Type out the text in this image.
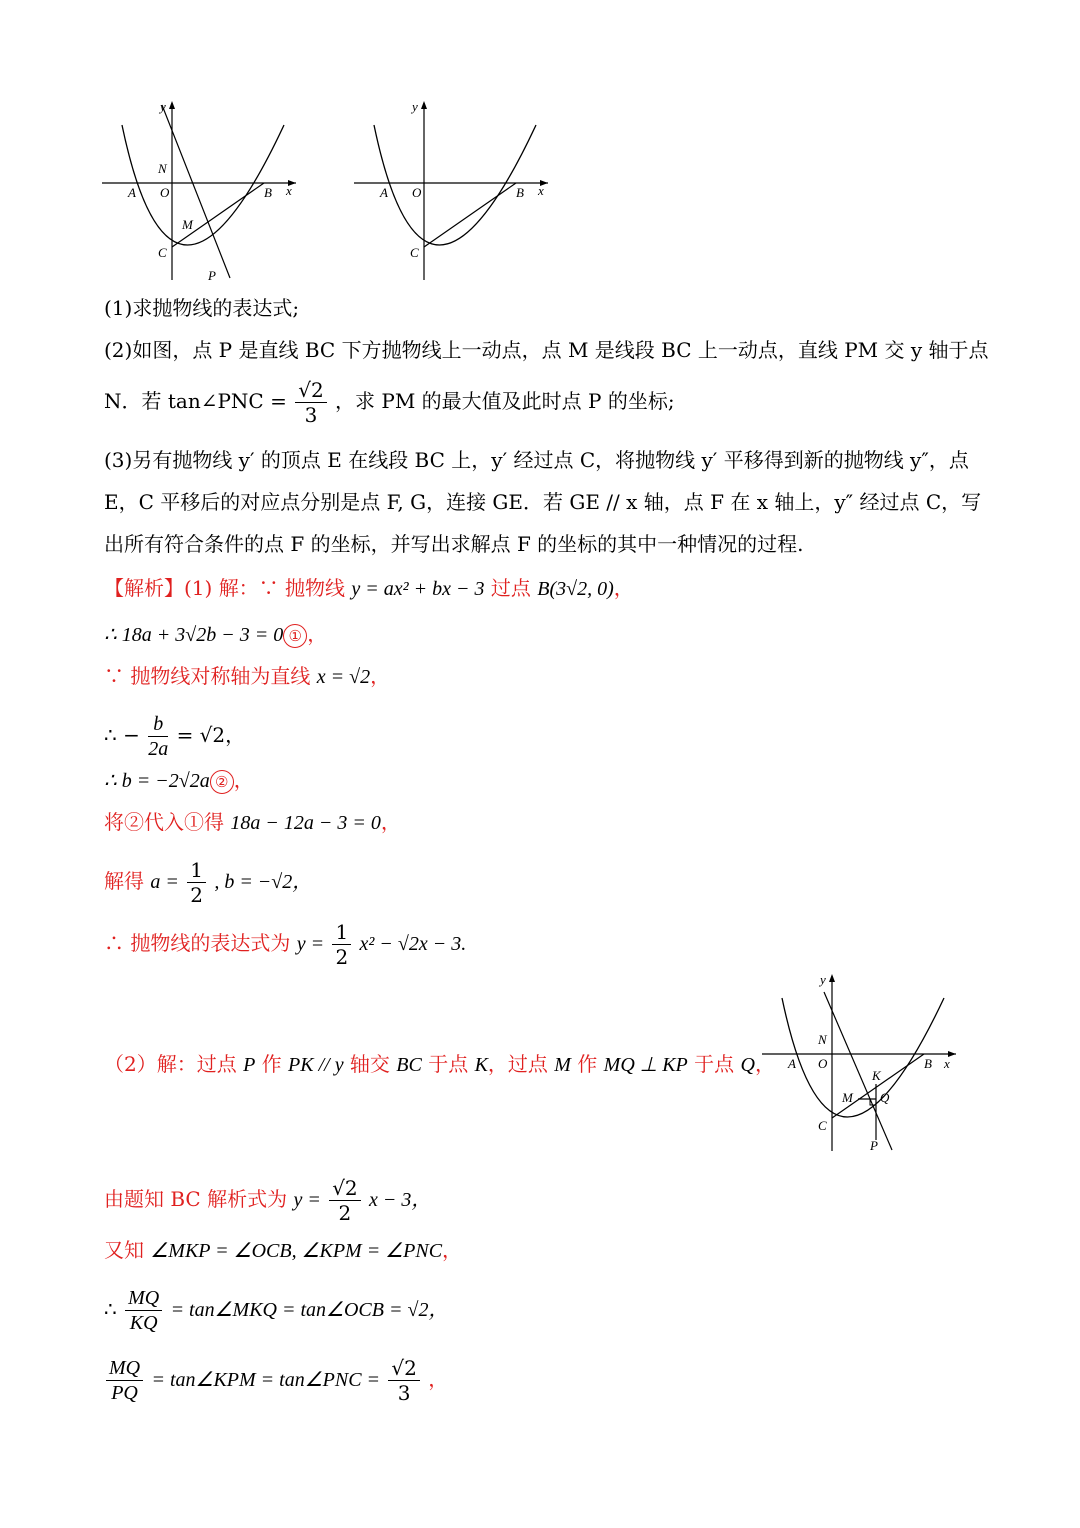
y
x
O
A	B
C
N
M
P
y
x
O
A	B
C
(1)求抛物线的表达式;
(2)如图，点 P 是直线 BC 下方抛物线上一动点，点 M 是线段 BC 上一动点，直线 PM 交 y 轴于点
N．若 tan∠PNC = $\frac{√2}{3}$ ，求 PM 的最大值及此时点 P 的坐标;
(3)另有抛物线 y′ 的顶点 E 在线段 BC 上，y′ 经过点 C，将抛物线 y′ 平移得到新的抛物线 y″，点
E，C 平移后的对应点分别是点 F, G，连接 GE．若 GE // x 轴，点 F 在 x 轴上，y″ 经过点 C，写
出所有符合条件的点 F 的坐标，并写出求解点 F 的坐标的其中一种情况的过程.
【解析】(1) 解：∵ 抛物线 y = ax² + bx − 3 过点 B(3√2, 0)，
∴ 18a + 3√2b − 3 = 0 ① ，
∵ 抛物线对称轴为直线 x = √2，
∴ − $\frac{b}{2a} = √2$，
∴ b = −2√2a ② ，
将②代入①得 18a − 12a − 3 = 0，
解得 $a = \frac{1}{2}$ , b = −√2，
∴ 抛物线的表达式为 $y = \frac{1}{2} x^2 - √2x - 3$.
y
x
O
A	B
C
N
M
K
Q
P
（2）解：过点 P 作 PK // y 轴交 BC 于点 K，过点 M 作 MQ ⊥ KP 于点 Q，
由题知 BC 解析式为 $y = \frac{√2}{2}$ x − 3，
又知 ∠MKP = ∠OCB, ∠KPM = ∠PNC，
∴ $\frac{MQ}{KQ}$ = tan∠MKQ = tan∠OCB = √2，
$\frac{MQ}{PQ}$ = tan∠KPM = tan∠PNC = $\frac{√2}{3}$ ，
